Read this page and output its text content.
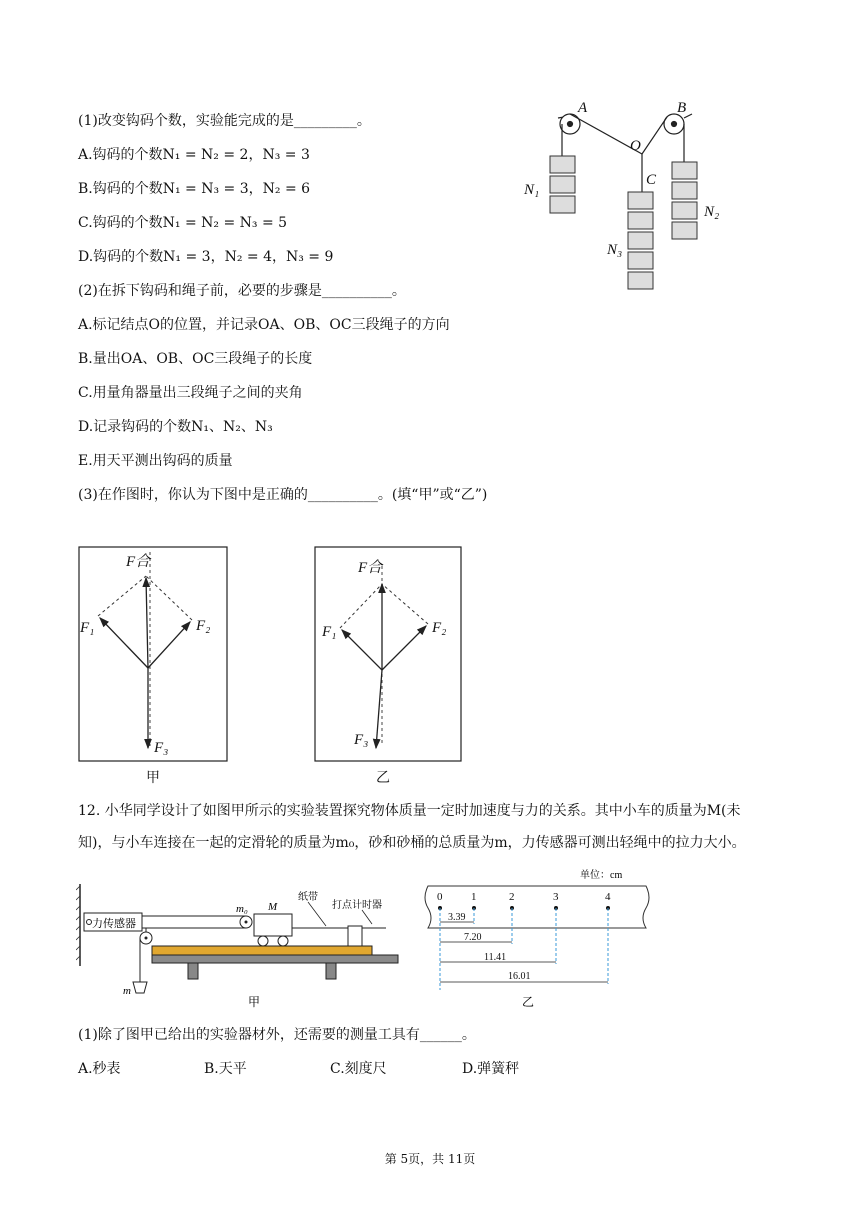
(1)改变钩码个数，实验能完成的是_________。
A.钩码的个数N₁ = N₂ = 2，N₃ = 3
B.钩码的个数N₁ = N₃ = 3，N₂ = 6
C.钩码的个数N₁ = N₂ = N₃ = 5
D.钩码的个数N₁ = 3，N₂ = 4，N₃ = 9
(2)在拆下钩码和绳子前，必要的步骤是__________。
A.标记结点O的位置，并记录OA、OB、OC三段绳子的方向
B.量出OA、OB、OC三段绳子的长度
C.用量角器量出三段绳子之间的夹角
D.记录钩码的个数N₁、N₂、N₃
E.用天平测出钩码的质量
(3)在作图时，你认为下图中是正确的__________。(填“甲”或“乙”)
A	B
O
C
N₁
N₂
N₃
F合
F₁	F₂
F₃
甲
F合
F₁	F₂
F₃
乙
12. 小华同学设计了如图甲所示的实验装置探究物体质量一定时加速度与力的关系。其中小车的质量为M(未
知)，与小车连接在一起的定滑轮的质量为m₀，砂和砂桶的总质量为m，力传感器可测出轻绳中的拉力大小。
力传感器
m
m₀ M
纸带
打点计时器
甲
单位：cm
0	1	2	3	4
3.39
7.20
11.41
16.01
乙
(1)除了图甲已给出的实验器材外，还需要的测量工具有______。
A.秒表	B.天平	C.刻度尺	D.弹簧秤
第 5页，共 11页
